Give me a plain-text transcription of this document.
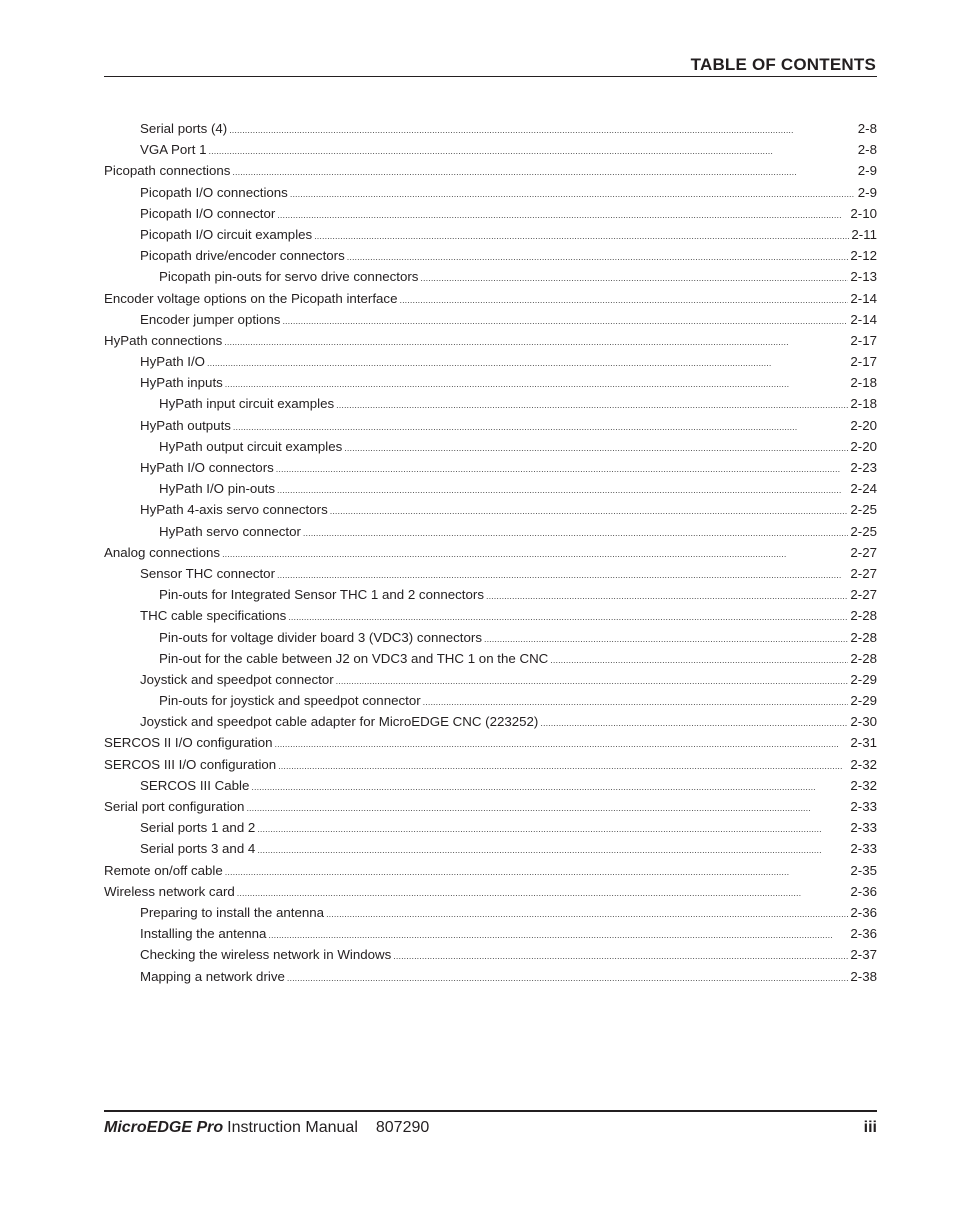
TABLE OF CONTENTS
Serial ports (4) . . .	2-8
VGA Port 1 . . .	2-8
Picopath connections . . .	2-9
Picopath I/O connections . . .	2-9
Picopath I/O connector . . .	2-10
Picopath I/O circuit examples . . .	2-11
Picopath drive/encoder connectors . . .	2-12
Picopath pin-outs for servo drive connectors . . .	2-13
Encoder voltage options on the Picopath interface . . .	2-14
Encoder jumper options . . .	2-14
HyPath connections . . .	2-17
HyPath I/O . . .	2-17
HyPath inputs . . .	2-18
HyPath input circuit examples . . .	2-18
HyPath outputs . . .	2-20
HyPath output circuit examples . . .	2-20
HyPath I/O connectors . . .	2-23
HyPath I/O pin-outs . . .	2-24
HyPath 4-axis servo connectors . . .	2-25
HyPath servo connector . . .	2-25
Analog connections . . .	2-27
Sensor THC connector . . .	2-27
Pin-outs for Integrated Sensor THC 1 and 2 connectors . . .	2-27
THC cable specifications . . .	2-28
Pin-outs for voltage divider board 3 (VDC3) connectors . . .	2-28
Pin-out for the cable between J2 on VDC3 and THC 1 on the CNC . . .	2-28
Joystick and speedpot connector . . .	2-29
Pin-outs for joystick and speedpot connector . . .	2-29
Joystick and speedpot cable adapter for MicroEDGE CNC (223252) . . .	2-30
SERCOS II I/O configuration . . .	2-31
SERCOS III I/O configuration . . .	2-32
SERCOS III Cable . . .	2-32
Serial port configuration . . .	2-33
Serial ports 1 and 2 . . .	2-33
Serial ports 3 and 4 . . .	2-33
Remote on/off cable . . .	2-35
Wireless network card . . .	2-36
Preparing to install the antenna . . .	2-36
Installing the antenna . . .	2-36
Checking the wireless network in Windows . . .	2-37
Mapping a network drive . . .	2-38
MicroEDGE Pro Instruction Manual 807290	iii
